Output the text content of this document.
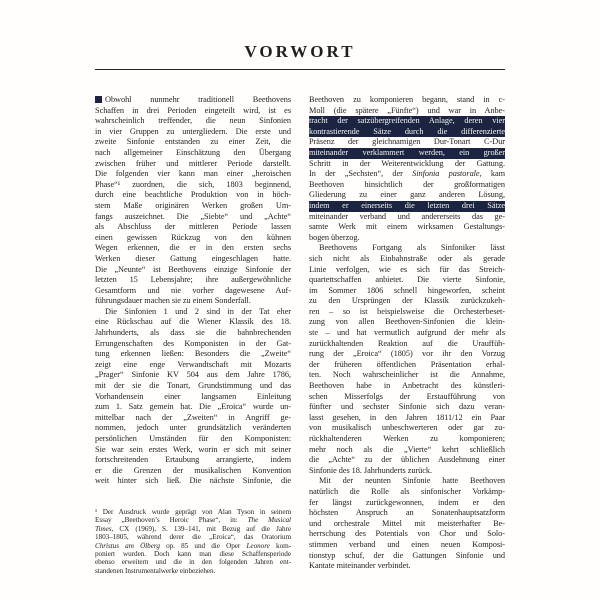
VORWORT
Obwohl nunmehr traditionell Beethovens
Schaffen in drei Perioden eingeteilt wird, ist es
wahrscheinlich treffender, die neun Sinfonien
in vier Gruppen zu untergliedern. Die erste und
zweite Sinfonie entstanden zu einer Zeit, die
nach allgemeiner Einschätzung den Übergang
zwischen früher und mittlerer Periode darstellt.
Die folgenden vier kann man einer „heroischen
Phase“¹ zuordnen, die sich, 1803 beginnend,
durch eine beachtliche Produktion von in höch-
stem Maße originären Werken großen Um-
fangs auszeichnet. Die „Siebte“ und „Achte“
als Abschluss der mittleren Periode lassen
einen gewissen Rückzug von den kühnen
Wegen erkennen, die er in den ersten sechs
Werken dieser Gattung eingeschlagen hatte.
Die „Neunte“ ist Beethovens einzige Sinfonie der
letzten 15 Lebensjahre; ihre außergewöhnliche
Gesamtform und nie vorher dagewesene Auf-
führungsdauer machen sie zu einem Sonderfall.
Die Sinfonien 1 und 2 sind in der Tat eher
eine Rückschau auf die Wiener Klassik des 18.
Jahrhunderts, als dass sie die bahnbrechenden
Errungenschaften des Komponisten in der Gat-
tung erkennen ließen: Besonders die „Zweite“
zeigt eine enge Verwandtschaft mit Mozarts
„Prager“ Sinfonie KV 504 aus dem Jahre 1786,
mit der sie die Tonart, Grundstimmung und das
Vorhandensein einer langsamen Einleitung
zum 1. Satz gemein hat. Die „Eroica“ wurde un-
mittelbar nach der „Zweiten“ in Angriff ge-
nommen, jedoch unter grundsätzlich veränderten
persönlichen Umständen für den Komponisten:
Sie war sein erstes Werk, worin er sich mit seiner
fortschreitenden Ertaubung arrangierte, indem
er die Grenzen der musikalischen Konvention
weit hinter sich ließ. Die nächste Sinfonie, die
¹ Der Ausdruck wurde geprägt von Alan Tyson in seinem
Essay „Beethoven’s Heroic Phase“, in: The Musical
Times, CX (1969), S. 139–141, mit Bezug auf die Jahre
1803–1805, während derer die „Eroica“, das Oratorium
Christus am Ölberg op. 85 und die Oper Leonore kom-
poniert wurden. Doch kann man diese Schaffensperiode
ebenso erweitern und die in den folgenden Jahren ent-
standenen Instrumentalwerke einbeziehen.
Beethoven zu komponieren begann, stand in c-
Moll (die spätere „Fünfte“) und war in Anbe-
tracht der satzübergreifenden Anlage, deren vier
kontrastierende Sätze durch die differenzierte
Präsenz der gleichnamigen Dur-Tonart C-Dur
miteinander verklammert werden, ein großer
Schritt in der Weiterentwicklung der Gattung.
In der „Sechsten“, der Sinfonia pastorale, kam
Beethoven hinsichtlich der großformatigen
Gliederung zu einer ganz anderen Lösung,
indem er einerseits die letzten drei Sätze
miteinander verband und andererseits das ge-
samte Werk mit einem wirksamen Gestaltungs-
bogen überzog.
Beethovens Fortgang als Sinfoniker lässt
sich nicht als Einbahnstraße oder als gerade
Linie verfolgen, wie es sich für das Streich-
quartettschaffen anbietet. Die vierte Sinfonie,
im Sommer 1806 schnell hingeworfen, scheint
zu den Ursprüngen der Klassik zurückzukeh-
ren – so ist beispielsweise die Orchesterbeset-
zung von allen Beethoven-Sinfonien die klein-
ste – und hat vermutlich aufgrund der mehr als
zurückhaltenden Reaktion auf die Urauffüh-
rung der „Eroica“ (1805) vor ihr den Vorzug
der früheren öffentlichen Präsentation erhal-
ten. Noch wahrscheinlicher ist die Annahme,
Beethoven habe in Anbetracht des künstleri-
schen Misserfolgs der Erstaufführung von
fünfter und sechster Sinfonie sich dazu veran-
lasst gesehen, in den Jahren 1811/12 ein Paar
von musikalisch unbeschwerteren oder gar zu-
rückhaltenderen Werken zu komponieren;
mehr noch als die „Vierte“ kehrt schließlich
die „Achte“ zu der üblichen Ausdehnung einer
Sinfonie des 18. Jahrhunderts zurück.
Mit der neunten Sinfonie hatte Beethoven
natürlich die Rolle als sinfonischer Vorkämp-
fer längst zurückgewonnen, indem er den
höchsten Anspruch an Sonatenhauptsatzform
und orchestrale Mittel mit meisterhafter Be-
herrschung des Potentials von Chor und Solo-
stimmen verband und einen neuen Komposi-
tionstyp schuf, der die Gattungen Sinfonie und
Kantate miteinander verbindet.
